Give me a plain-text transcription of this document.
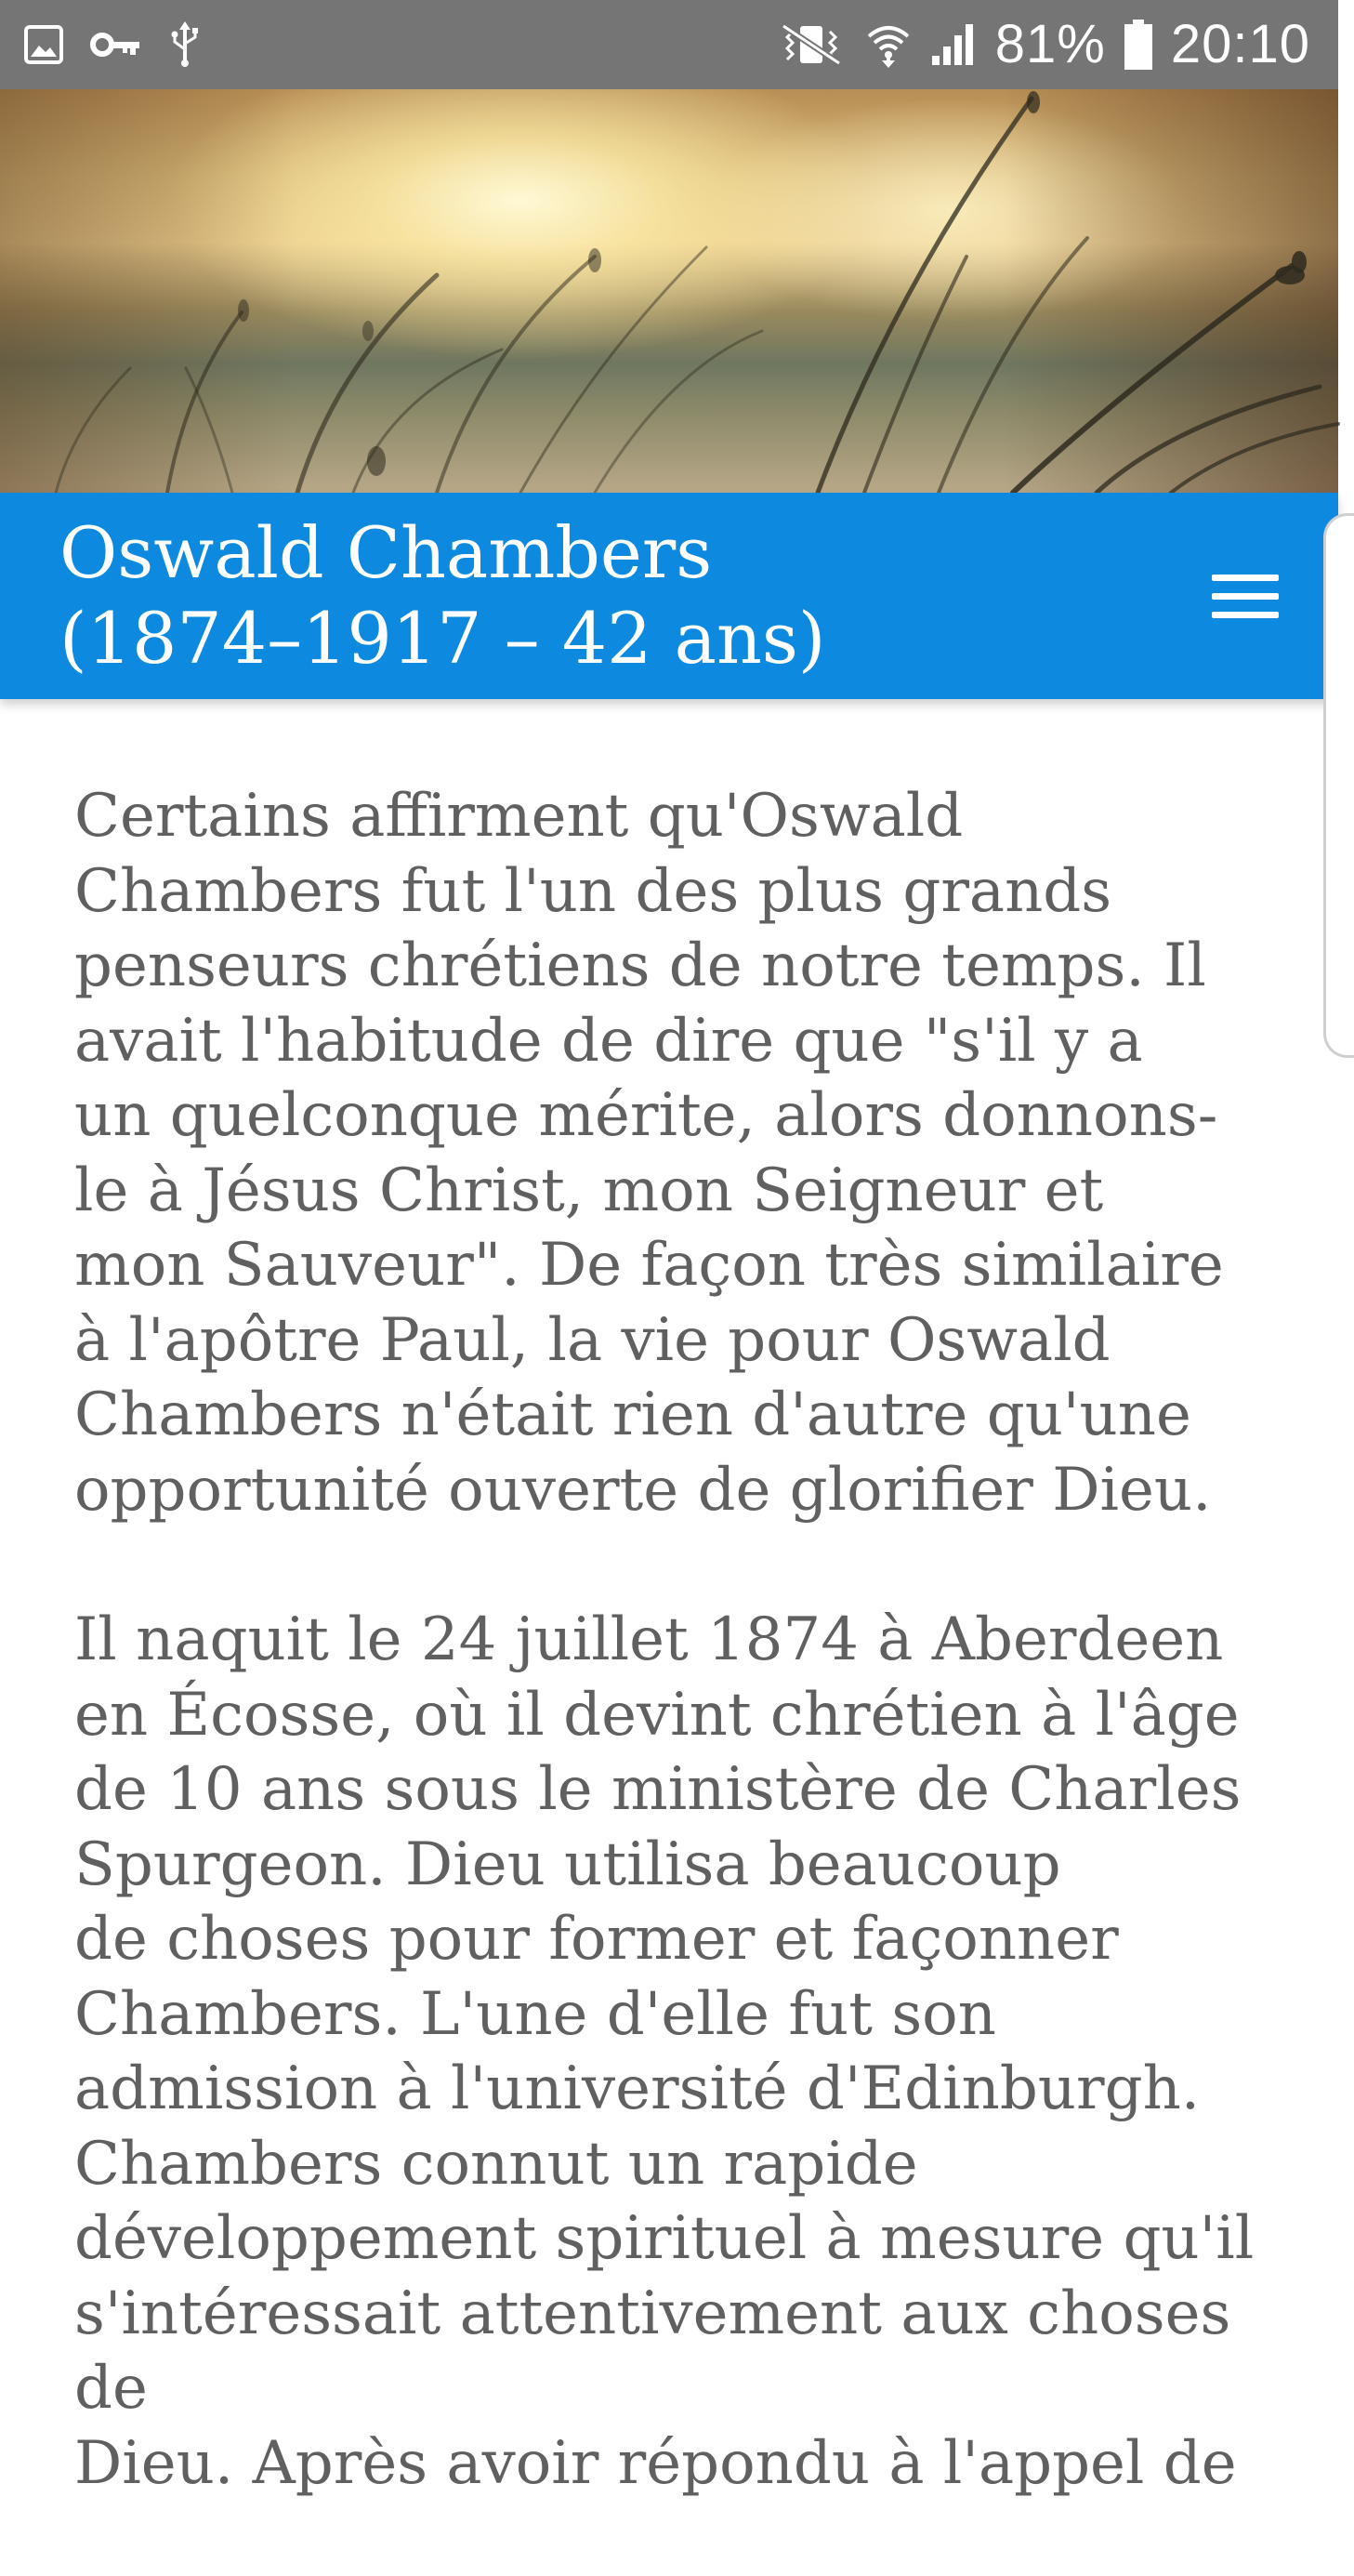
81% 20:10
Oswald Chambers
(1874–1917 – 42 ans)

Certains affirment qu'Oswald
Chambers fut l'un des plus grands
penseurs chrétiens de notre temps. Il
avait l'habitude de dire que "s'il y a
un quelconque mérite, alors donnons-
le à Jésus Christ, mon Seigneur et
mon Sauveur". De façon très similaire
à l'apôtre Paul, la vie pour Oswald
Chambers n'était rien d'autre qu'une
opportunité ouverte de glorifier Dieu.

Il naquit le 24 juillet 1874 à Aberdeen
en Écosse, où il devint chrétien à l'âge
de 10 ans sous le ministère de Charles
Spurgeon. Dieu utilisa beaucoup
de choses pour former et façonner
Chambers. L'une d'elle fut son
admission à l'université d'Edinburgh.
Chambers connut un rapide
développement spirituel à mesure qu'il
s'intéressait attentivement aux choses de
Dieu. Après avoir répondu à l'appel de
